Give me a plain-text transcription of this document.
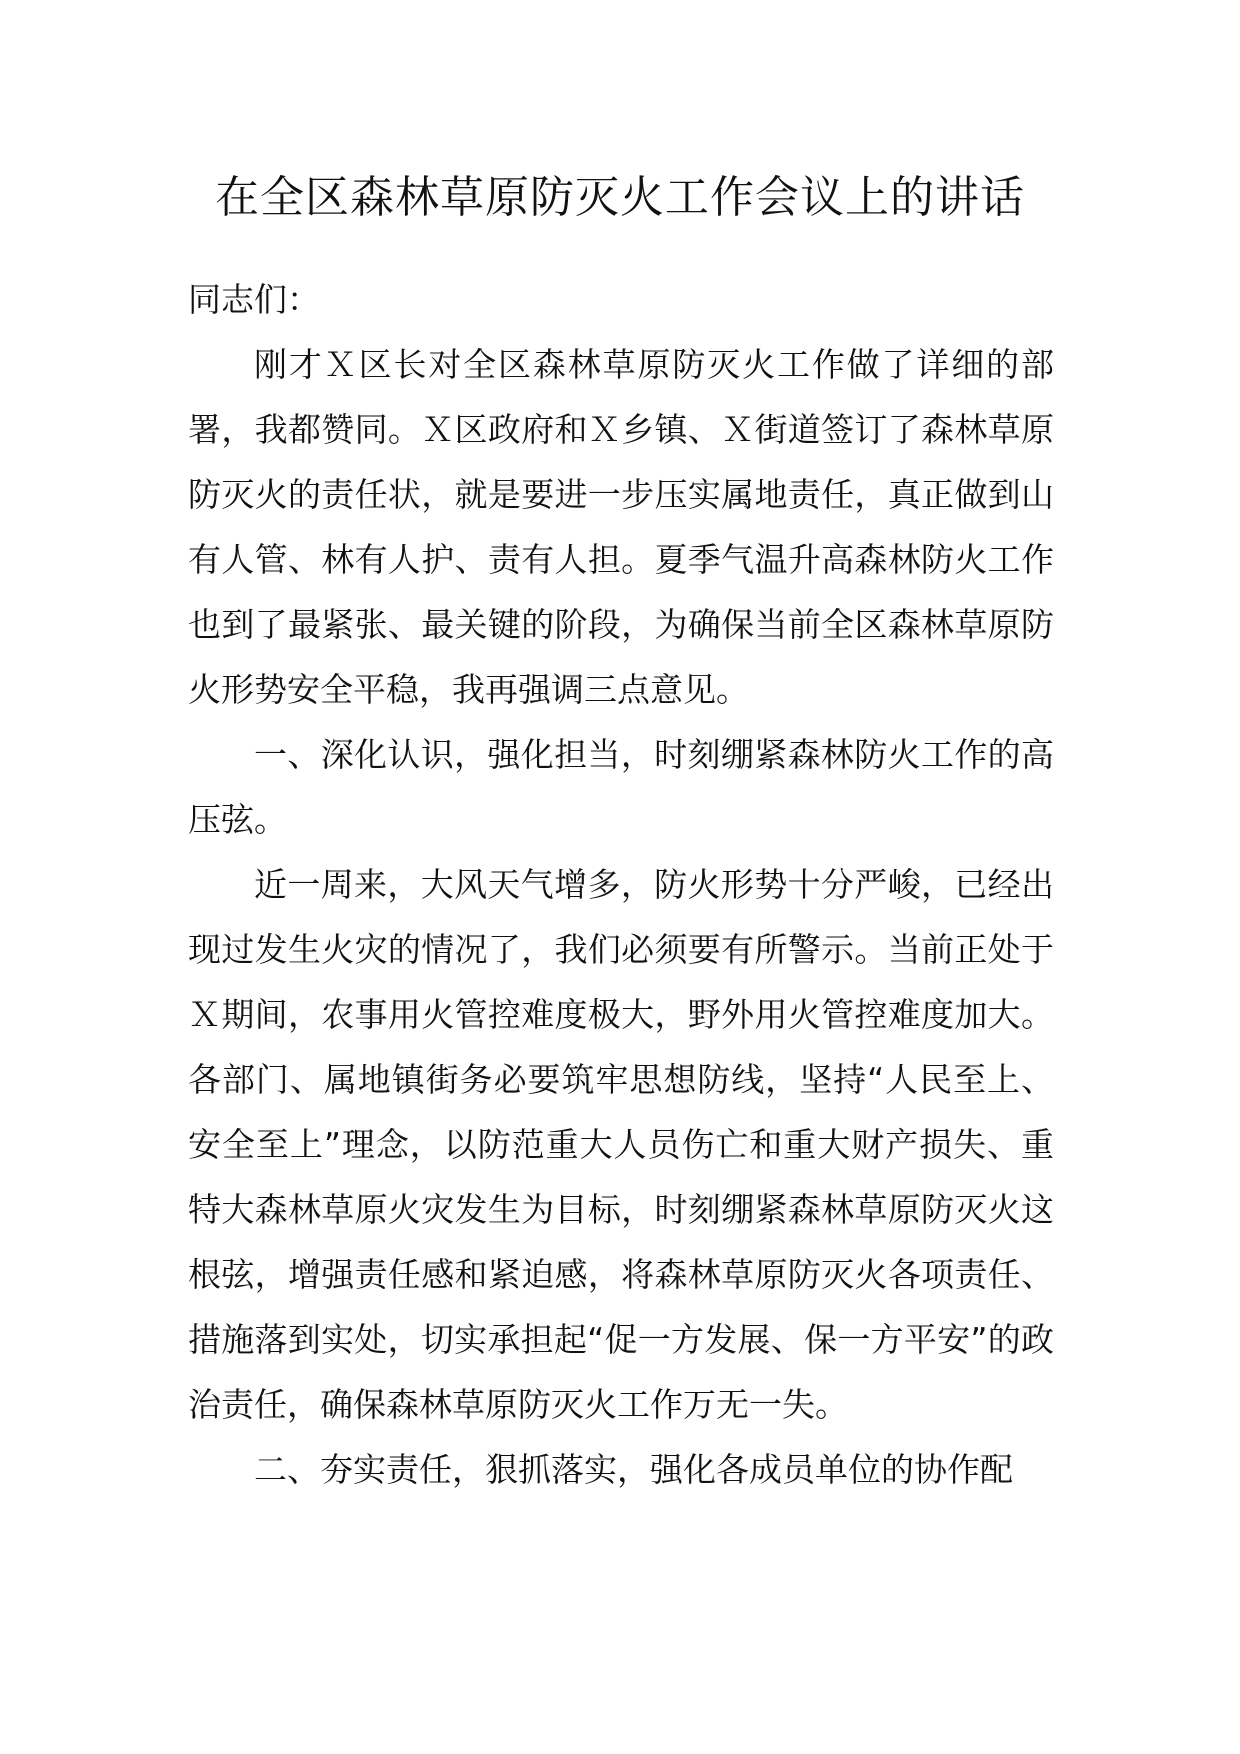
在全区森林草原防灭火工作会议上的讲话

同志们：

刚才Ｘ区长对全区森林草原防灭火工作做了详细的部署，我都赞同。Ｘ区政府和Ｘ乡镇、Ｘ街道签订了森林草原防灭火的责任状，就是要进一步压实属地责任，真正做到山有人管、林有人护、责有人担。夏季气温升高森林防火工作也到了最紧张、最关键的阶段，为确保当前全区森林草原防火形势安全平稳，我再强调三点意见。

一、深化认识，强化担当，时刻绷紧森林防火工作的高压弦。

近一周来，大风天气增多，防火形势十分严峻，已经出现过发生火灾的情况了，我们必须要有所警示。当前正处于Ｘ期间，农事用火管控难度极大，野外用火管控难度加大。各部门、属地镇街务必要筑牢思想防线，坚持“人民至上、安全至上”理念，以防范重大人员伤亡和重大财产损失、重特大森林草原火灾发生为目标，时刻绷紧森林草原防灭火这根弦，增强责任感和紧迫感，将森林草原防灭火各项责任、措施落到实处，切实承担起“促一方发展、保一方平安”的政治责任，确保森林草原防灭火工作万无一失。

二、夯实责任，狠抓落实，强化各成员单位的协作配
